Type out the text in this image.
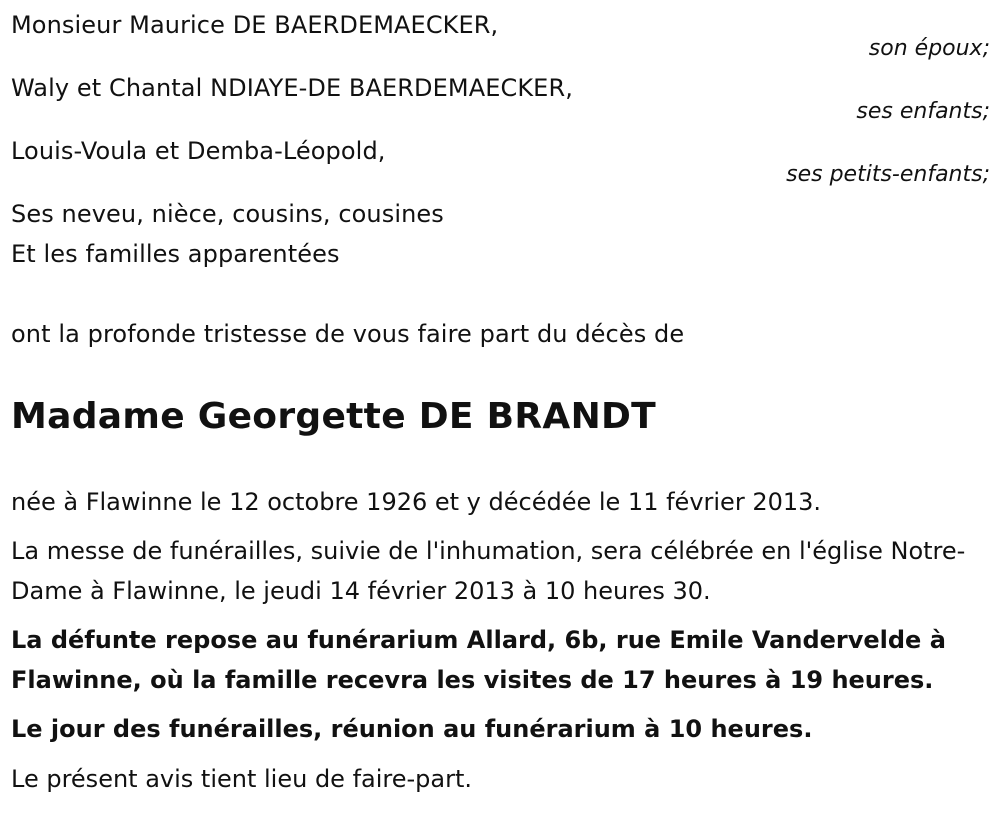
Monsieur Maurice DE BAERDEMAECKER,
son époux;
Waly et Chantal NDIAYE-DE BAERDEMAECKER,
ses enfants;
Louis-Voula et Demba-Léopold,
ses petits-enfants;
Ses neveu, nièce, cousins, cousines
Et les familles apparentées
ont la profonde tristesse de vous faire part du décès de
Madame Georgette DE BRANDT
née à Flawinne le 12 octobre 1926 et y décédée le 11 février 2013.
La messe de funérailles, suivie de l'inhumation, sera célébrée en l'église Notre-Dame à Flawinne, le jeudi 14 février 2013 à 10 heures 30.
La défunte repose au funérarium Allard, 6b, rue Emile Vandervelde à Flawinne, où la famille recevra les visites de 17 heures à 19 heures.
Le jour des funérailles, réunion au funérarium à 10 heures.
Le présent avis tient lieu de faire-part.
